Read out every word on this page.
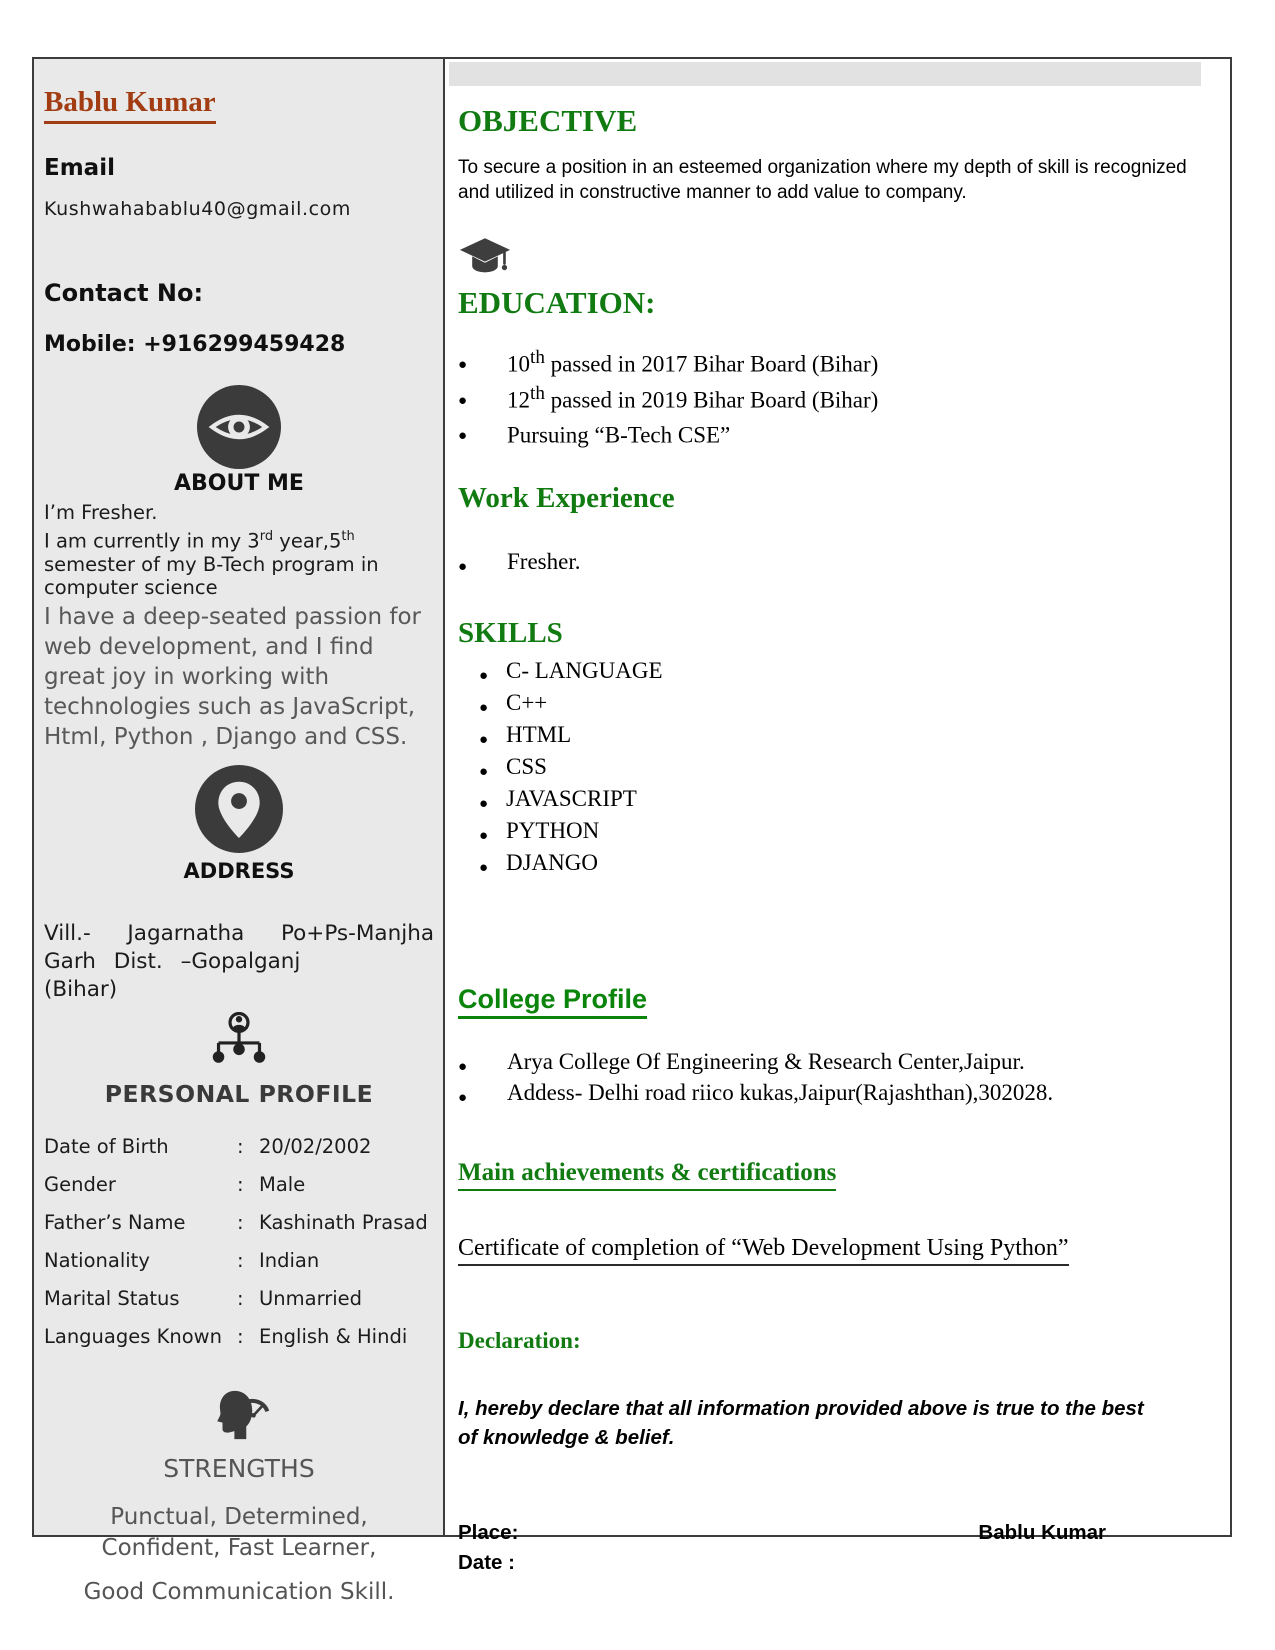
Bablu Kumar
Email
Kushwahabablu40@gmail.com
Contact No:
Mobile: +916299459428
ABOUT ME
I’m Fresher.
I am currently in my 3rd year,5th
semester of my B-Tech program in
computer science
I have a deep-seated passion for web development, and I find great joy in working with technologies such as JavaScript, Html, Python , Django and CSS.
ADDRESS
Vill.- Jagarnatha Po+Ps-Manjha
Garh Dist. –Gopalganj
(Bihar)
PERSONAL PROFILE
Date of Birth	: 20/02/2002
Gender	: Male
Father’s Name	: Kashinath Prasad
Nationality	: Indian
Marital Status	: Unmarried
Languages Known : English & Hindi
STRENGTHS
Punctual, Determined,
Confident, Fast Learner,
Good Communication Skill.
OBJECTIVE
To secure a position in an esteemed organization where my depth of skill is recognized and utilized in constructive manner to add value to company.
EDUCATION:
●
10th passed in 2017 Bihar Board (Bihar)
●
12th passed in 2019 Bihar Board (Bihar)
●
Pursuing “B-Tech CSE”
Work Experience
●
Fresher.
SKILLS
●
C- LANGUAGE
●
C++
●
HTML
●
CSS
●
JAVASCRIPT
●
PYTHON
●
DJANGO
College Profile
●
Arya College Of Engineering & Research Center,Jaipur.
●
Addess- Delhi road riico kukas,Jaipur(Rajashthan),302028.
Main achievements & certifications
Certificate of completion of “Web Development Using Python”
Declaration:
I, hereby declare that all information provided above is true to the best of knowledge & belief.
Place:
Date :
Bablu Kumar
